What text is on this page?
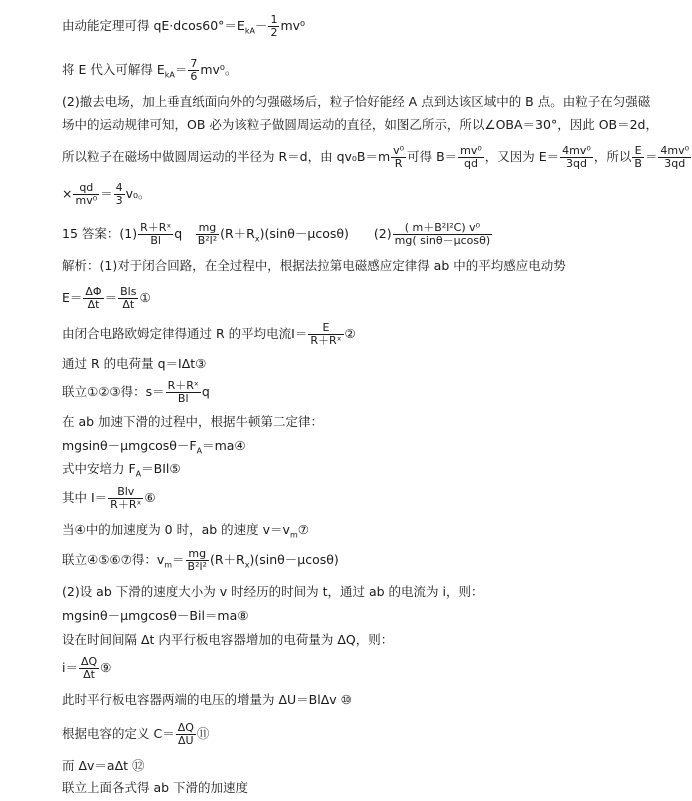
由动能定理可得 $qE\cdot dcos60^\circ=E_{kA}- \frac{1}{2} mv^0$
将 E 代入可解得 $E_{kA}= \frac{7}{6} mv^0$。
(2)撤去电场，加上垂直纸面向外的匀强磁场后，粒子恰好能经 A 点到达该区域中的 B 点。由粒子在匀强磁
场中的运动规律可知，OB 必为该粒子做圆周运动的直径，如图乙所示，所以∠OBA＝30°，因此 OB＝2d，
所以粒子在磁场中做圆周运动的半径为 R＝d，由 $qv_0B=m \frac{\text{v⁰}}{R}$ 可得 $B= \frac{\text{mv⁰}}{qd}$ ，又因为 $E= \frac{\text{4mv⁰}}{3qd}$ ，所以 $\frac{E}{B} = \frac{\text{4mv⁰}}{3qd}$
× $\frac{qd}{\text{mv⁰}} = \frac{4}{3} v_0$。
15 答案：$(1) \frac{\text{R＋Rˣ}}{Bl}$ q　 $\frac{mg}{\text{B²l²}} (R+R_x)(\sin\theta-\mu\cos\theta)$　　$(2) \frac{\text{( m＋B²l²C) v⁰}}{mg( \sin\theta-\mu\cos\theta)}$
解析：(1)对于闭合回路，在全过程中，根据法拉第电磁感应定律得 ab 中的平均感应电动势
$E= \frac{\Delta\Phi}{\Delta t} = \frac{\text{Bls}}{\Delta t}$ ①
由闭合电路欧姆定律得通过 R 的平均电流$I= \frac{E}{\text{R＋Rˣ}}$ ②
通过 R 的电荷量 q＝IΔt③
联立①②③得：$s= \frac{\text{R＋Rˣ}}{Bl}$ q
在 ab 加速下滑的过程中，根据牛顿第二定律：
$mgsin\theta-\mu mgcos\theta-F_A=ma④$
式中安培力 $F_A=BIl⑤$
其中 $I= \frac{\text{Blv}}{\text{R＋Rˣ}}$ ⑥
当④中的加速度为 0 时，ab 的速度 $v=v_m⑦$
联立④⑤⑥⑦得：$v_m= \frac{mg}{\text{B²l²}} (R+R_x)(\sin\theta-\mu\cos\theta)$
(2)设 ab 下滑的速度大小为 v 时经历的时间为 t，通过 ab 的电流为 i，则：
mgsinθ－μmgcosθ－Bil＝ma⑧
设在时间间隔 Δt 内平行板电容器增加的电荷量为 ΔQ，则：
$i= \frac{\Delta Q}{\Delta t}$ ⑨
此时平行板电容器两端的电压的增量为 ΔU＝BlΔv ⑩
根据电容的定义 $C= \frac{\Delta Q}{\Delta U}$ ⑪
而 Δv＝aΔt ⑫
联立上面各式得 ab 下滑的加速度
